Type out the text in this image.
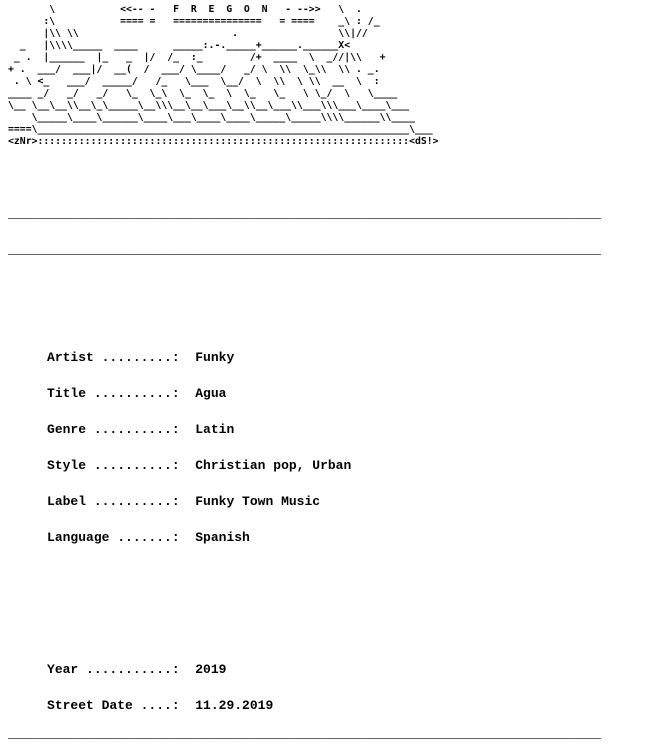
\           <<-- -   F  R  E  G  O  N   - -->>   \  .
:\           ==== =   ===============   = ====    _\ : /_
|\\ \\                          .                 \\|//
_   |\\\\_____  ____      _____:.-._____+______.______X<
_ .  |______  |_   _  |/  /_  :_        /+  ____  \  _//|\\   +
+ .  ___/  ___|/  __(  /  ___/ \____/   _/ \  \\  \_\\  \\ . _.
. \ <_   ___/  _____/   /_   \___  \__/  \  \\  \ \\  __  \  :
____ _/   _/   _/   \_  \_\  \_  \_  \  \_   \_   \ \_/  \   \____
\__ \__\__\\__\_\_____\__\\\__\__\___\__\\__\___\\___\\\___\____\___
\_____\____\______\____\___\____\____\_____\_____\\\\______\\____
====\_______________________________________________________________\___
<zNr>:::::::::::::::::::::::::::::::::::::::::::::::::::::::::::::::<dS!>

____________________________________________________________________________

____________________________________________________________________________

Artist .........: Funky

Title ..........: Agua

Genre ..........: Latin

Style ..........: Christian pop, Urban

Label ..........: Funky Town Music

Language .......: Spanish

Year ...........: 2019

Street Date ....: 11.29.2019

____________________________________________________________________________
